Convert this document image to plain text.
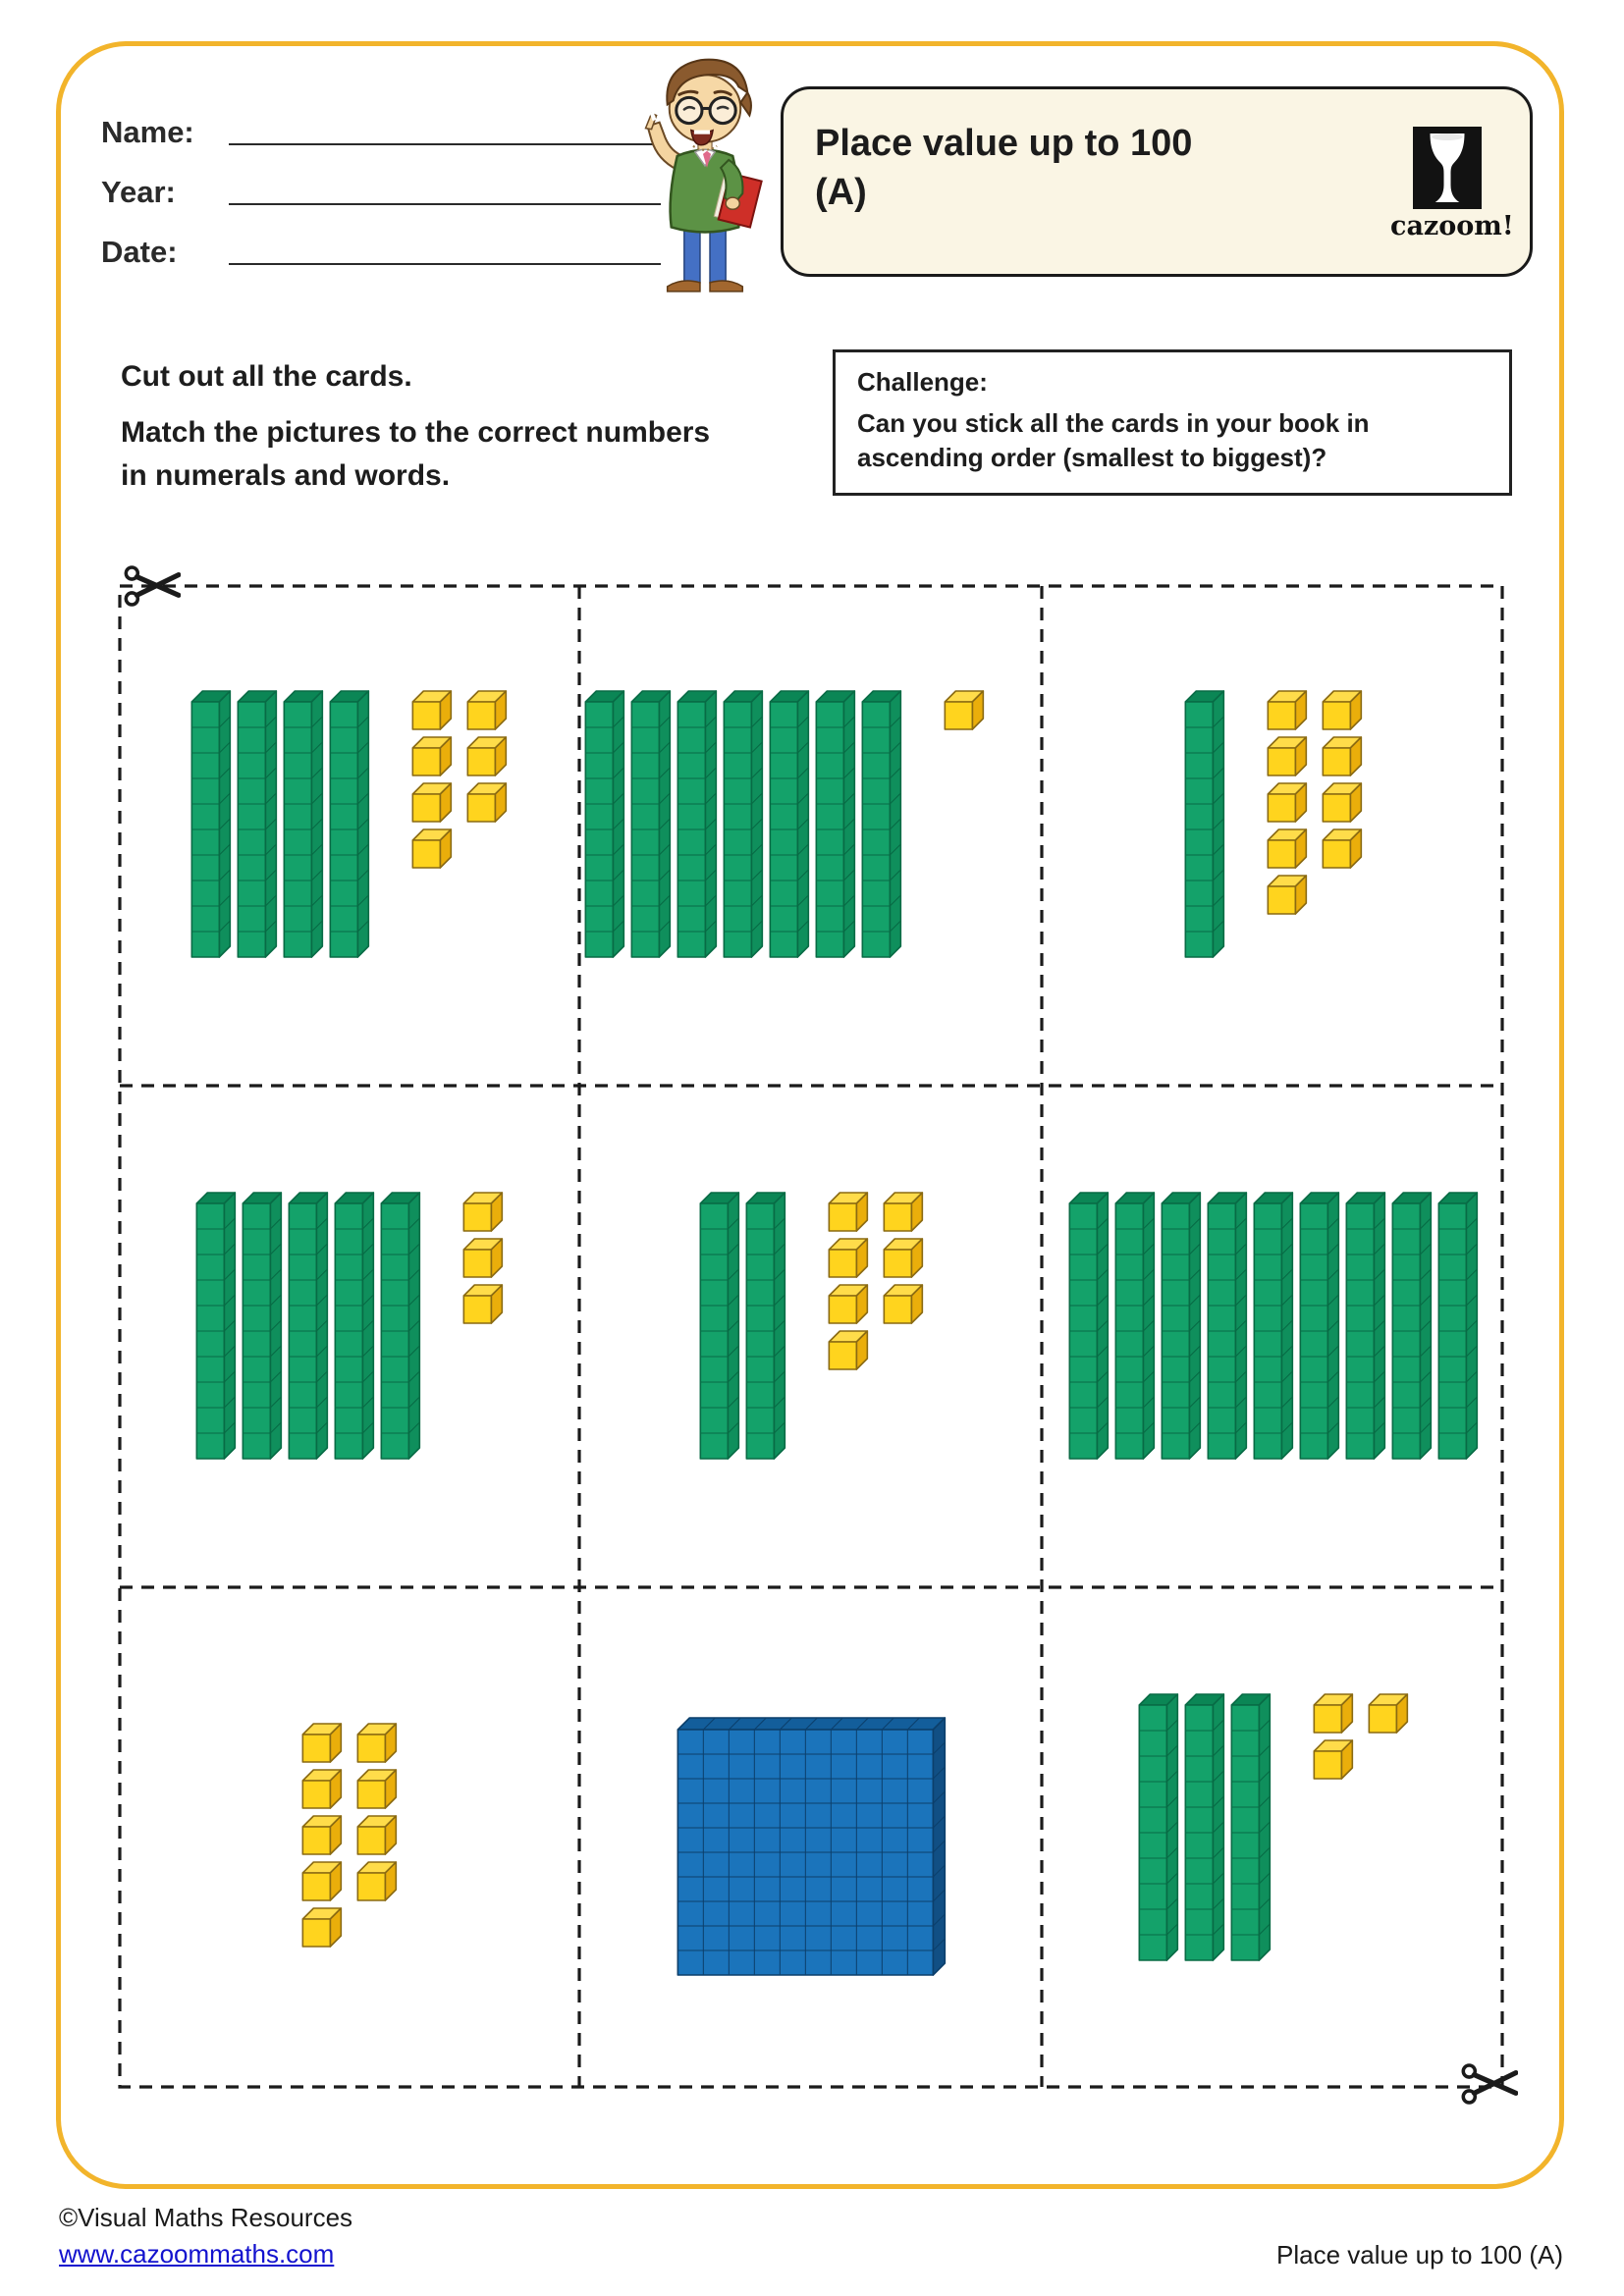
Name:
Year:
Date:
Place value up to 100
(A)
cazoom!

Cut out all the cards.

Match the pictures to the correct numbers in numerals and words.

Challenge:
Can you stick all the cards in your book in ascending order (smallest to biggest)?
©Visual Maths Resources
www.cazoommaths.com	Place value up to 100 (A)
